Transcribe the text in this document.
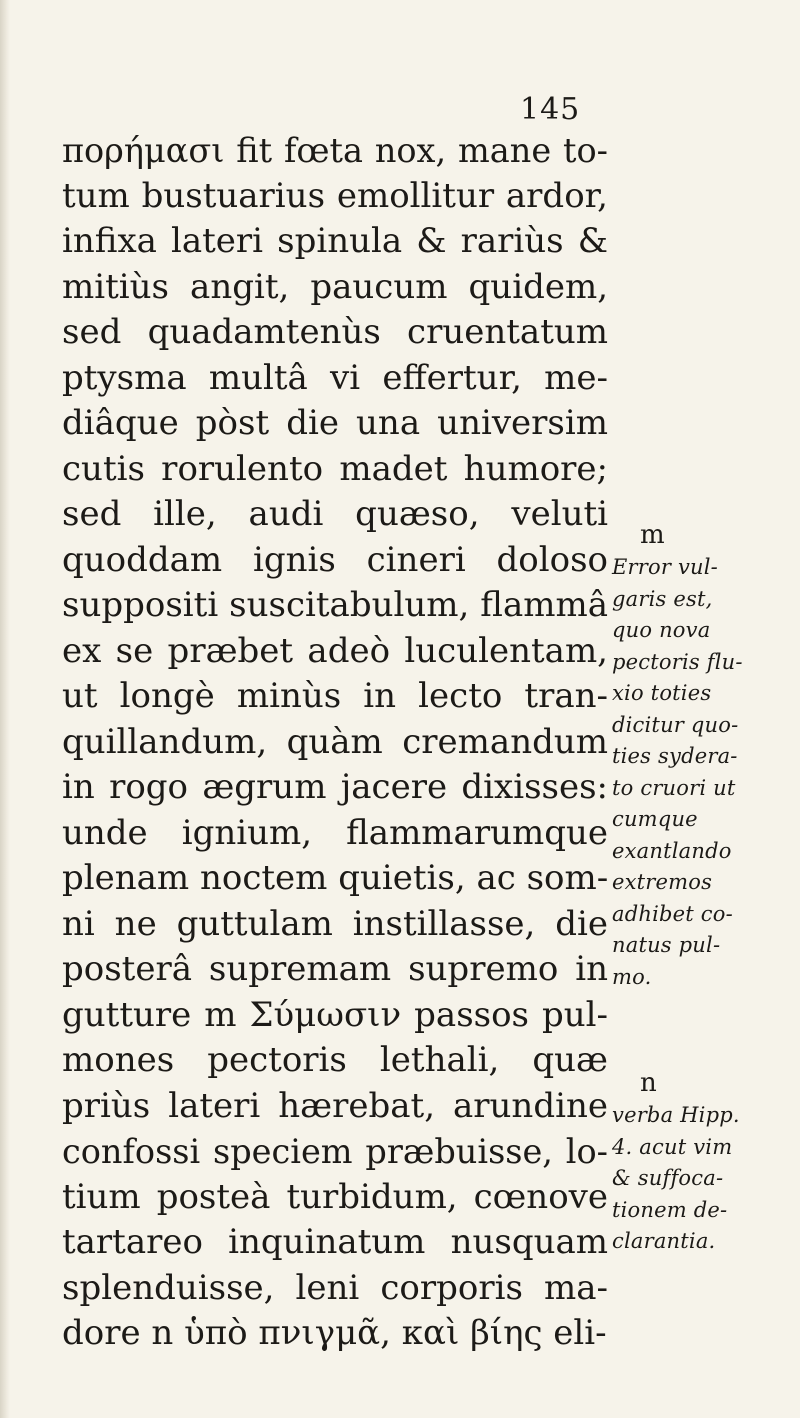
145
πορήμασι fit fœta nox, mane to-
tum bustuarius emollitur ardor,
infixa lateri spinula & rariùs &
mitiùs angit, paucum quidem,
sed quadamtenùs cruentatum
ptysma multâ vi effertur, me-
diâque pòst die una universim
cutis rorulento madet humore;
sed ille, audi quæso, veluti
quoddam ignis cineri doloso
suppositi suscitabulum, flammâ
ex se præbet adeò luculentam,
ut longè minùs in lecto tran-
quillandum, quàm cremandum
in rogo ægrum jacere dixisses:
unde ignium, flammarumque
plenam noctem quietis, ac som-
ni ne guttulam instillasse, die
posterâ supremam supremo in
gutture m Σύμωσιν passos pul-
mones pectoris lethali, quæ
priùs lateri hærebat, arundine
confossi speciem præbuisse, lo-
tium posteà turbidum, cœnove
tartareo inquinatum nusquam
splenduisse, leni corporis ma-
dore n ὑπὸ πνιγμᾶ, καὶ βίης eli-
m
Error vul-
garis est,
quo nova
pectoris flu-
xio toties
dicitur quo-
ties sydera-
to cruori ut
cumque
exantlando
extremos
adhibet co-
natus pul-
mo.
n
verba Hipp.
4. acut vim
& suffoca-
tionem de-
clarantia.
